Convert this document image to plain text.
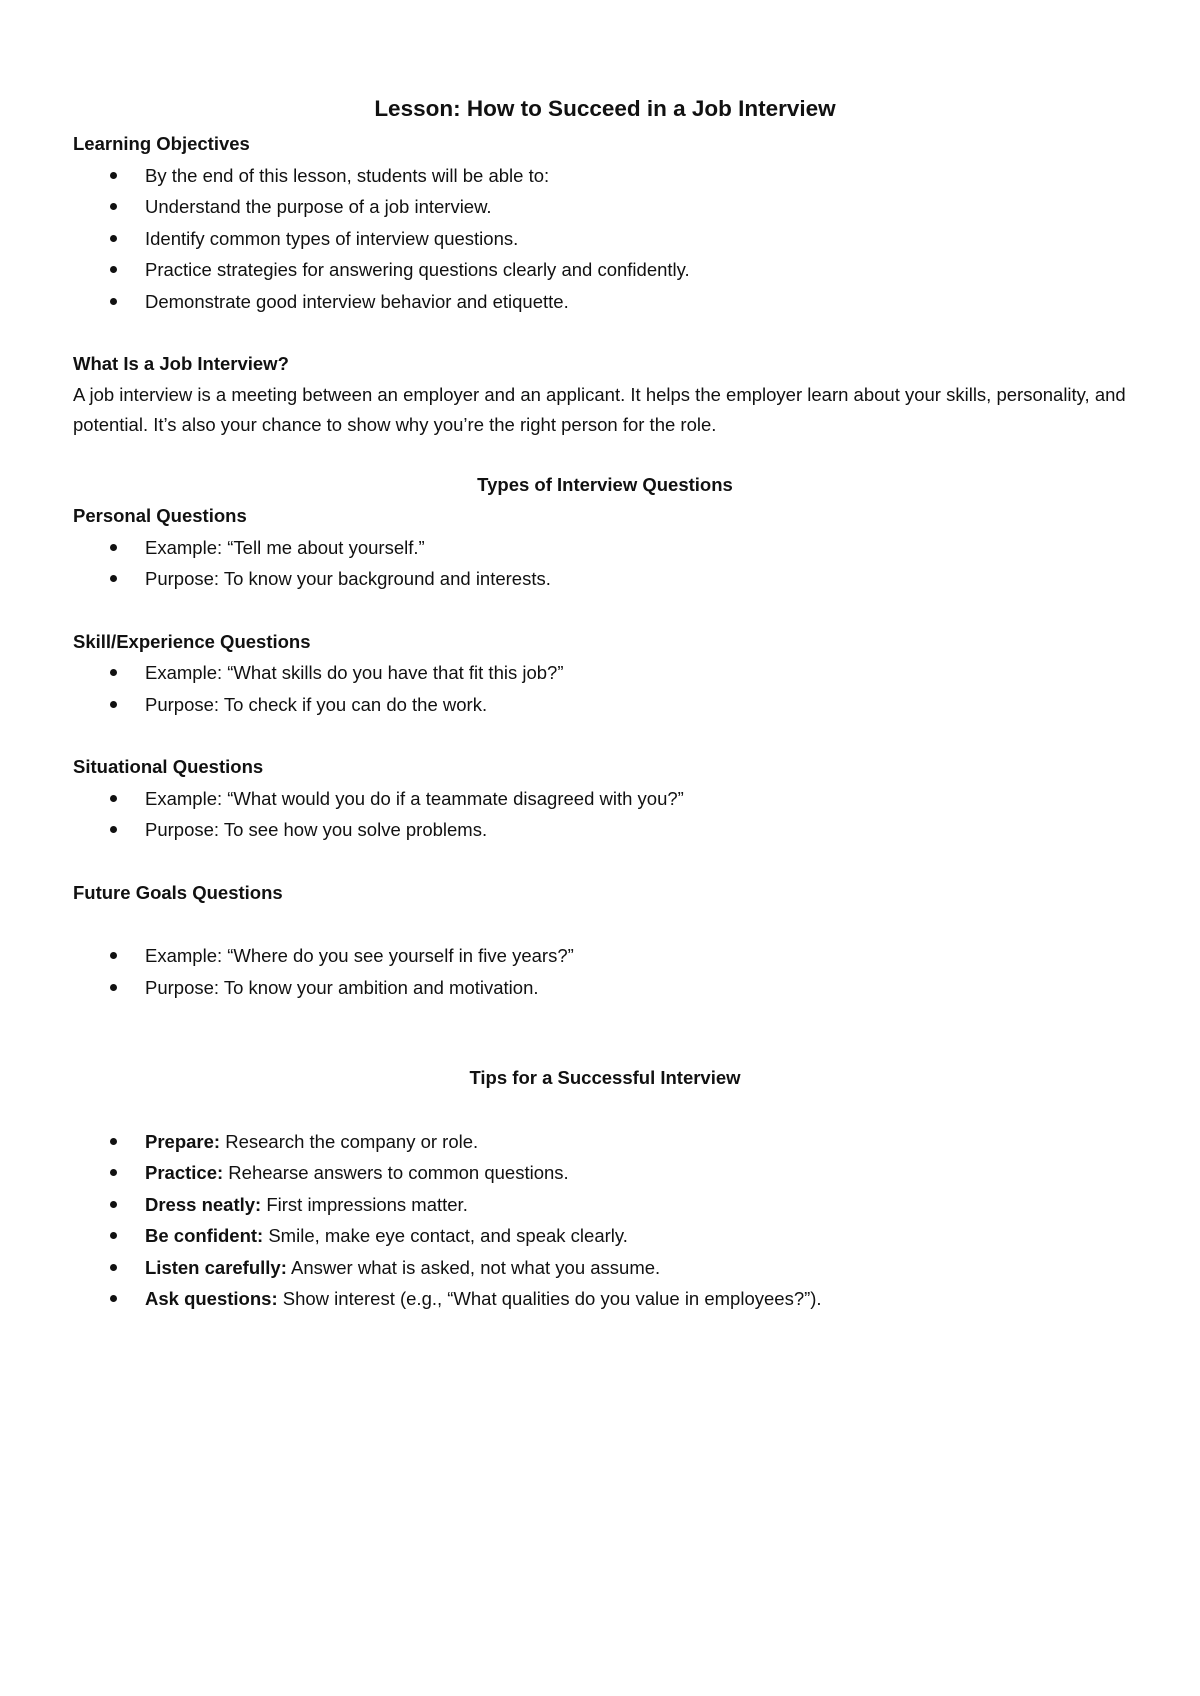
Lesson: How to Succeed in a Job Interview
Learning Objectives
By the end of this lesson, students will be able to:
Understand the purpose of a job interview.
Identify common types of interview questions.
Practice strategies for answering questions clearly and confidently.
Demonstrate good interview behavior and etiquette.
What Is a Job Interview?

A job interview is a meeting between an employer and an applicant. It helps the employer learn about your skills, personality, and potential. It’s also your chance to show why you’re the right person for the role.

Types of Interview Questions
Personal Questions
Example: “Tell me about yourself.”
Purpose: To know your background and interests.
Skill/Experience Questions
Example: “What skills do you have that fit this job?”
Purpose: To check if you can do the work.
Situational Questions
Example: “What would you do if a teammate disagreed with you?”
Purpose: To see how you solve problems.
Future Goals Questions
Example: “Where do you see yourself in five years?”
Purpose: To know your ambition and motivation.
Tips for a Successful Interview
Prepare: Research the company or role.
Practice: Rehearse answers to common questions.
Dress neatly: First impressions matter.
Be confident: Smile, make eye contact, and speak clearly.
Listen carefully: Answer what is asked, not what you assume.
Ask questions: Show interest (e.g., “What qualities do you value in employees?”).
